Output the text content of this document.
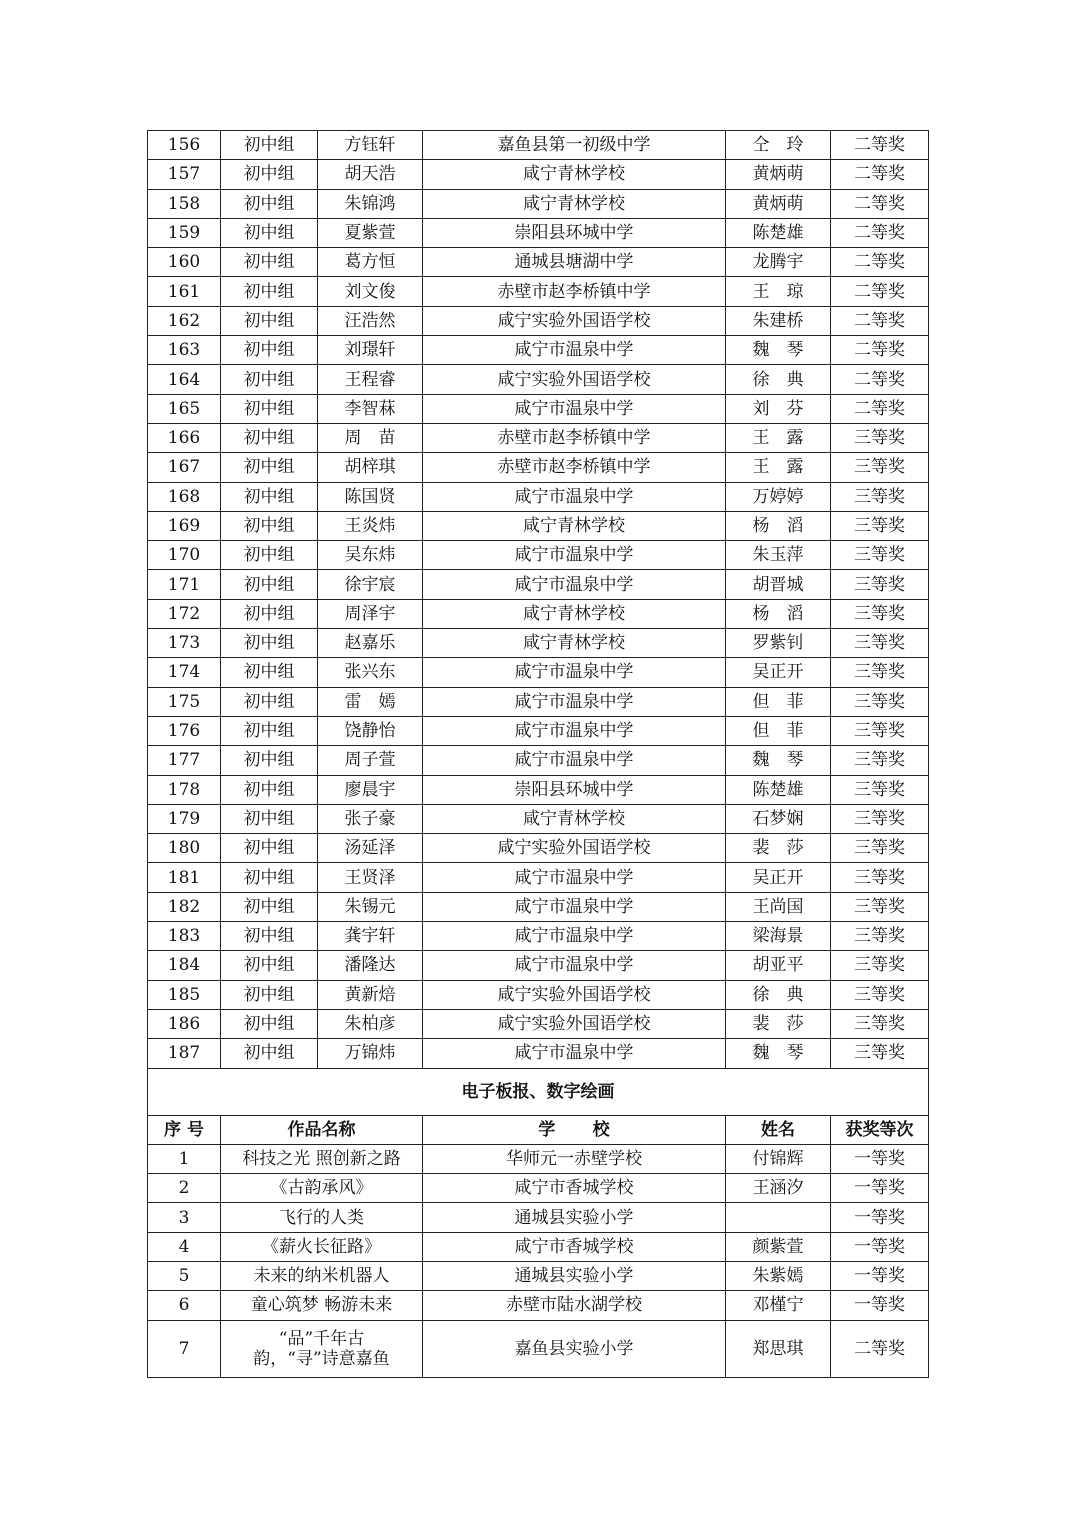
156	初中组	方钰轩	嘉鱼县第一初级中学	仝　玲	二等奖
157	初中组	胡天浩	咸宁青林学校	黄炳萌	二等奖
158	初中组	朱锦鸿	咸宁青林学校	黄炳萌	二等奖
159	初中组	夏紫萱	崇阳县环城中学	陈楚雄	二等奖
160	初中组	葛方恒	通城县塘湖中学	龙腾宇	二等奖
161	初中组	刘文俊	赤壁市赵李桥镇中学	王　琼	二等奖
162	初中组	汪浩然	咸宁实验外国语学校	朱建桥	二等奖
163	初中组	刘璟轩	咸宁市温泉中学	魏　琴	二等奖
164	初中组	王程睿	咸宁实验外国语学校	徐　典	二等奖
165	初中组	李智菻	咸宁市温泉中学	刘　芬	二等奖
166	初中组	周　苗	赤壁市赵李桥镇中学	王　露	三等奖
167	初中组	胡梓琪	赤壁市赵李桥镇中学	王　露	三等奖
168	初中组	陈国贤	咸宁市温泉中学	万婷婷	三等奖
169	初中组	王炎炜	咸宁青林学校	杨　滔	三等奖
170	初中组	吴东炜	咸宁市温泉中学	朱玉萍	三等奖
171	初中组	徐宇宸	咸宁市温泉中学	胡晋城	三等奖
172	初中组	周泽宇	咸宁青林学校	杨　滔	三等奖
173	初中组	赵嘉乐	咸宁青林学校	罗紫钊	三等奖
174	初中组	张兴东	咸宁市温泉中学	吴正开	三等奖
175	初中组	雷　嫣	咸宁市温泉中学	但　菲	三等奖
176	初中组	饶静怡	咸宁市温泉中学	但　菲	三等奖
177	初中组	周子萱	咸宁市温泉中学	魏　琴	三等奖
178	初中组	廖晨宇	崇阳县环城中学	陈楚雄	三等奖
179	初中组	张子豪	咸宁青林学校	石梦娴	三等奖
180	初中组	汤延泽	咸宁实验外国语学校	裴　莎	三等奖
181	初中组	王贤泽	咸宁市温泉中学	吴正开	三等奖
182	初中组	朱锡元	咸宁市温泉中学	王尚国	三等奖
183	初中组	龚宇轩	咸宁市温泉中学	梁海景	三等奖
184	初中组	潘隆达	咸宁市温泉中学	胡亚平	三等奖
185	初中组	黄新焙	咸宁实验外国语学校	徐　典	三等奖
186	初中组	朱柏彦	咸宁实验外国语学校	裴　莎	三等奖
187	初中组	万锦炜	咸宁市温泉中学	魏　琴	三等奖
电子板报、数字绘画					
序 号	作品名称		学　校	姓名	获奖等次
1	科技之光 照创新之路		华师元一赤壁学校	付锦辉	一等奖
2	《古韵承风》		咸宁市香城学校	王涵汐	一等奖
3	飞行的人类		通城县实验小学		一等奖
4	《薪火长征路》		咸宁市香城学校	颜紫萱	一等奖
5	未来的纳米机器人		通城县实验小学	朱紫嫣	一等奖
6	童心筑梦 畅游未来		赤壁市陆水湖学校	邓槿宁	一等奖
7	“品”千年古韵，“寻”诗意嘉鱼		嘉鱼县实验小学	郑思琪	二等奖
